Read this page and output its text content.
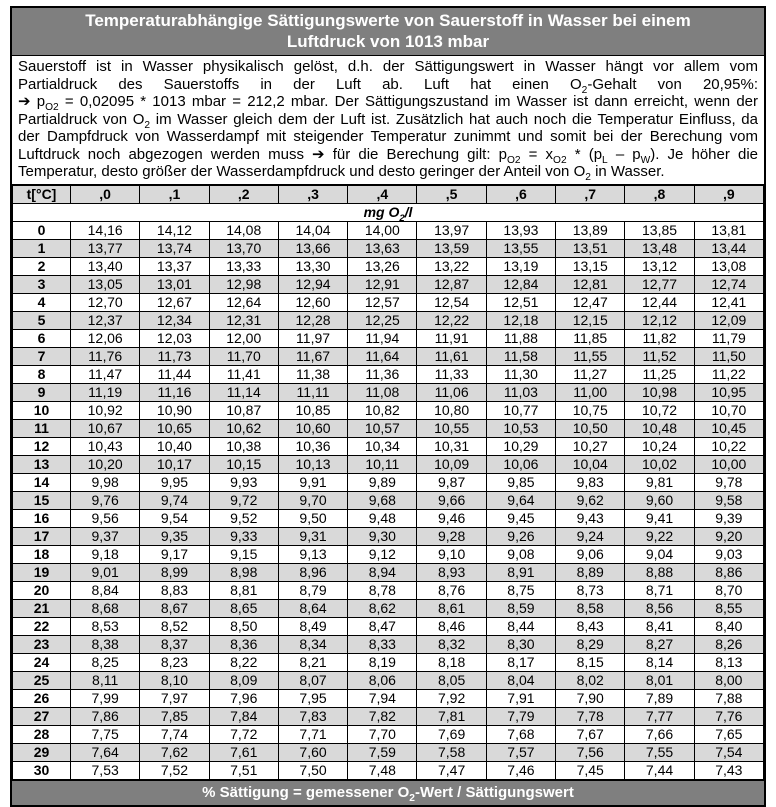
Temperaturabhängige Sättigungswerte von Sauerstoff in Wasser bei einem
Luftdruck von 1013 mbar

Sauerstoff ist in Wasser physikalisch gelöst, d.h. der Sättigungswert in Wasser hängt vor allem vom Partialdruck des Sauerstoffs in der Luft ab. Luft hat einen $O_2$-Gehalt von 20,95%:

➔ $p_{O2} = 0,02095 * 1013$ mbar = 212,2 mbar. Der Sättigungszustand im Wasser ist dann erreicht, wenn der Partialdruck von $O_2$ im Wasser gleich dem der Luft ist. Zusätzlich hat auch noch die Temperatur Einfluss, da der Dampfdruck von Wasserdampf mit steigender Temperatur zunimmt und somit bei der Berechung vom Luftdruck noch abgezogen werden muss ➔ für die Berechung gilt: $p_{O2} = x_{O2} * (p_L - p_W)$. Je höher die Temperatur, desto größer der Wasserdampfdruck und desto geringer der Anteil von $O_2$ in Wasser.

t[°C]	,0	,1	,2	,3	,4	,5	,6	,7	,8	,9
mg $O_2/l$										
0	14,16	14,12	14,08	14,04	14,00	13,97	13,93	13,89	13,85	13,81
1	13,77	13,74	13,70	13,66	13,63	13,59	13,55	13,51	13,48	13,44
2	13,40	13,37	13,33	13,30	13,26	13,22	13,19	13,15	13,12	13,08
3	13,05	13,01	12,98	12,94	12,91	12,87	12,84	12,81	12,77	12,74
4	12,70	12,67	12,64	12,60	12,57	12,54	12,51	12,47	12,44	12,41
5	12,37	12,34	12,31	12,28	12,25	12,22	12,18	12,15	12,12	12,09
6	12,06	12,03	12,00	11,97	11,94	11,91	11,88	11,85	11,82	11,79
7	11,76	11,73	11,70	11,67	11,64	11,61	11,58	11,55	11,52	11,50
8	11,47	11,44	11,41	11,38	11,36	11,33	11,30	11,27	11,25	11,22
9	11,19	11,16	11,14	11,11	11,08	11,06	11,03	11,00	10,98	10,95
10	10,92	10,90	10,87	10,85	10,82	10,80	10,77	10,75	10,72	10,70
11	10,67	10,65	10,62	10,60	10,57	10,55	10,53	10,50	10,48	10,45
12	10,43	10,40	10,38	10,36	10,34	10,31	10,29	10,27	10,24	10,22
13	10,20	10,17	10,15	10,13	10,11	10,09	10,06	10,04	10,02	10,00
14	9,98	9,95	9,93	9,91	9,89	9,87	9,85	9,83	9,81	9,78
15	9,76	9,74	9,72	9,70	9,68	9,66	9,64	9,62	9,60	9,58
16	9,56	9,54	9,52	9,50	9,48	9,46	9,45	9,43	9,41	9,39
17	9,37	9,35	9,33	9,31	9,30	9,28	9,26	9,24	9,22	9,20
18	9,18	9,17	9,15	9,13	9,12	9,10	9,08	9,06	9,04	9,03
19	9,01	8,99	8,98	8,96	8,94	8,93	8,91	8,89	8,88	8,86
20	8,84	8,83	8,81	8,79	8,78	8,76	8,75	8,73	8,71	8,70
21	8,68	8,67	8,65	8,64	8,62	8,61	8,59	8,58	8,56	8,55
22	8,53	8,52	8,50	8,49	8,47	8,46	8,44	8,43	8,41	8,40
23	8,38	8,37	8,36	8,34	8,33	8,32	8,30	8,29	8,27	8,26
24	8,25	8,23	8,22	8,21	8,19	8,18	8,17	8,15	8,14	8,13
25	8,11	8,10	8,09	8,07	8,06	8,05	8,04	8,02	8,01	8,00
26	7,99	7,97	7,96	7,95	7,94	7,92	7,91	7,90	7,89	7,88
27	7,86	7,85	7,84	7,83	7,82	7,81	7,79	7,78	7,77	7,76
28	7,75	7,74	7,72	7,71	7,70	7,69	7,68	7,67	7,66	7,65
29	7,64	7,62	7,61	7,60	7,59	7,58	7,57	7,56	7,55	7,54
30	7,53	7,52	7,51	7,50	7,48	7,47	7,46	7,45	7,44	7,43
% Sättigung = gemessener $O_2$-Wert / Sättigungswert
